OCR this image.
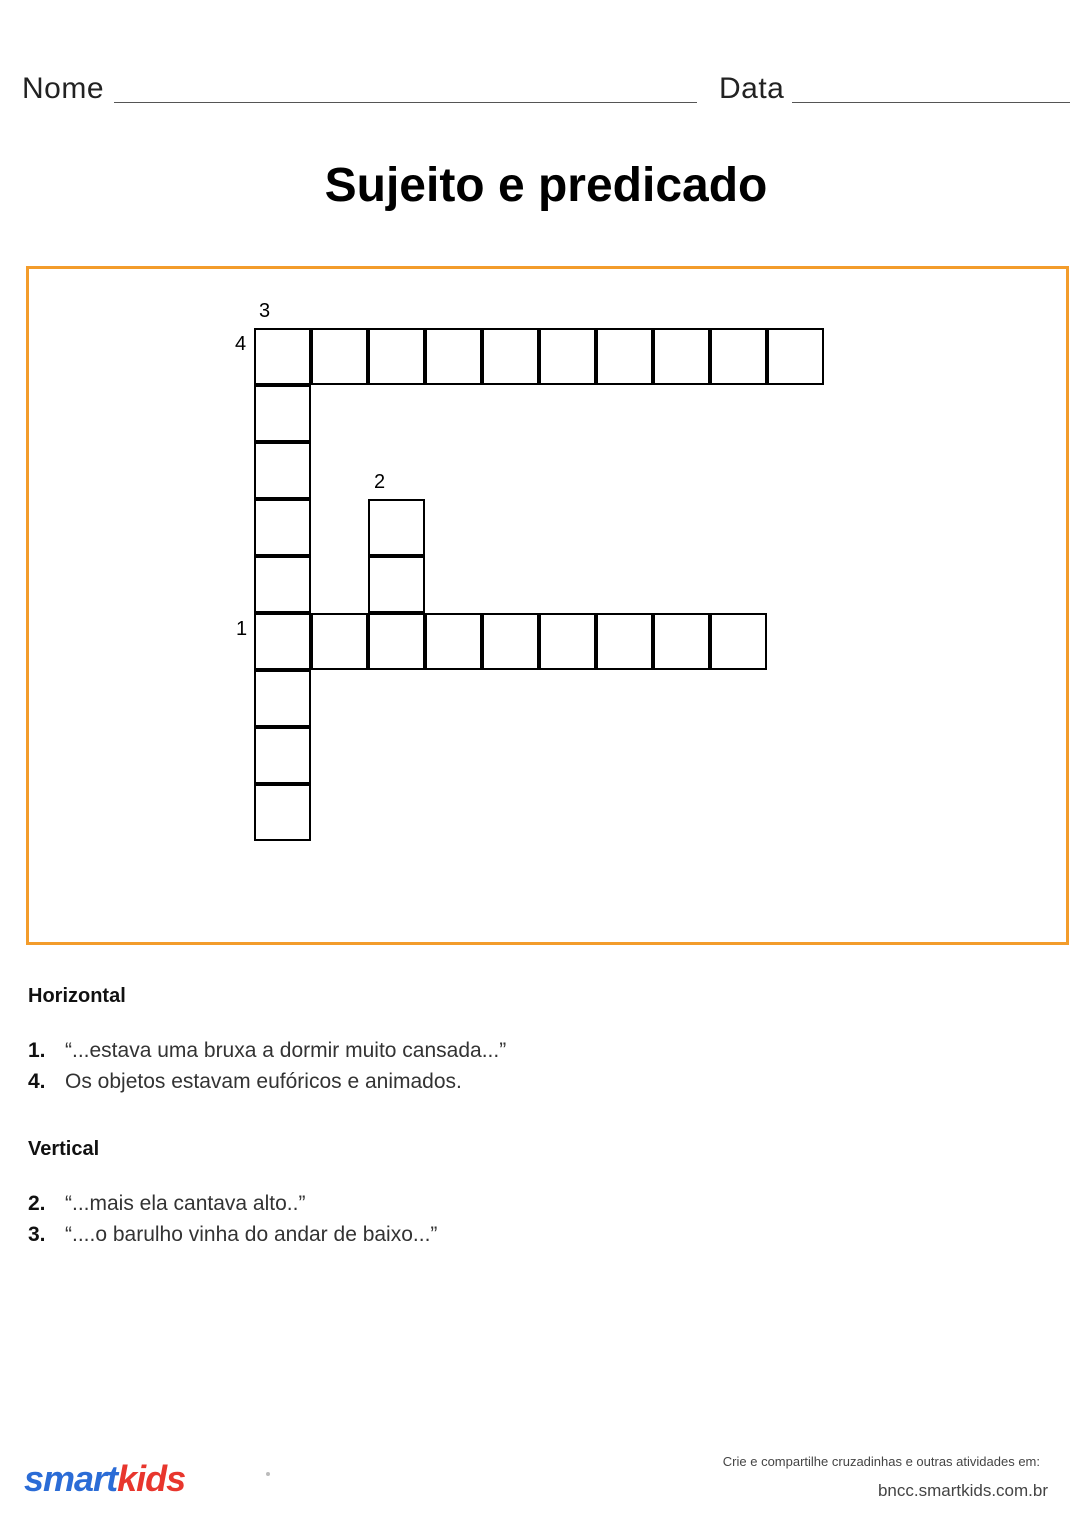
Nome	Data
Sujeito e predicado
1
2
3
4
Horizontal
1. “...estava uma bruxa a dormir muito cansada...”
4. Os objetos estavam eufóricos e animados.
Vertical
2. “...mais ela cantava alto..”
3. “....o barulho vinha do andar de baixo...”
smartkids	Crie e compartilhe cruzadinhas e outras atividades em:
bncc.smartkids.com.br
